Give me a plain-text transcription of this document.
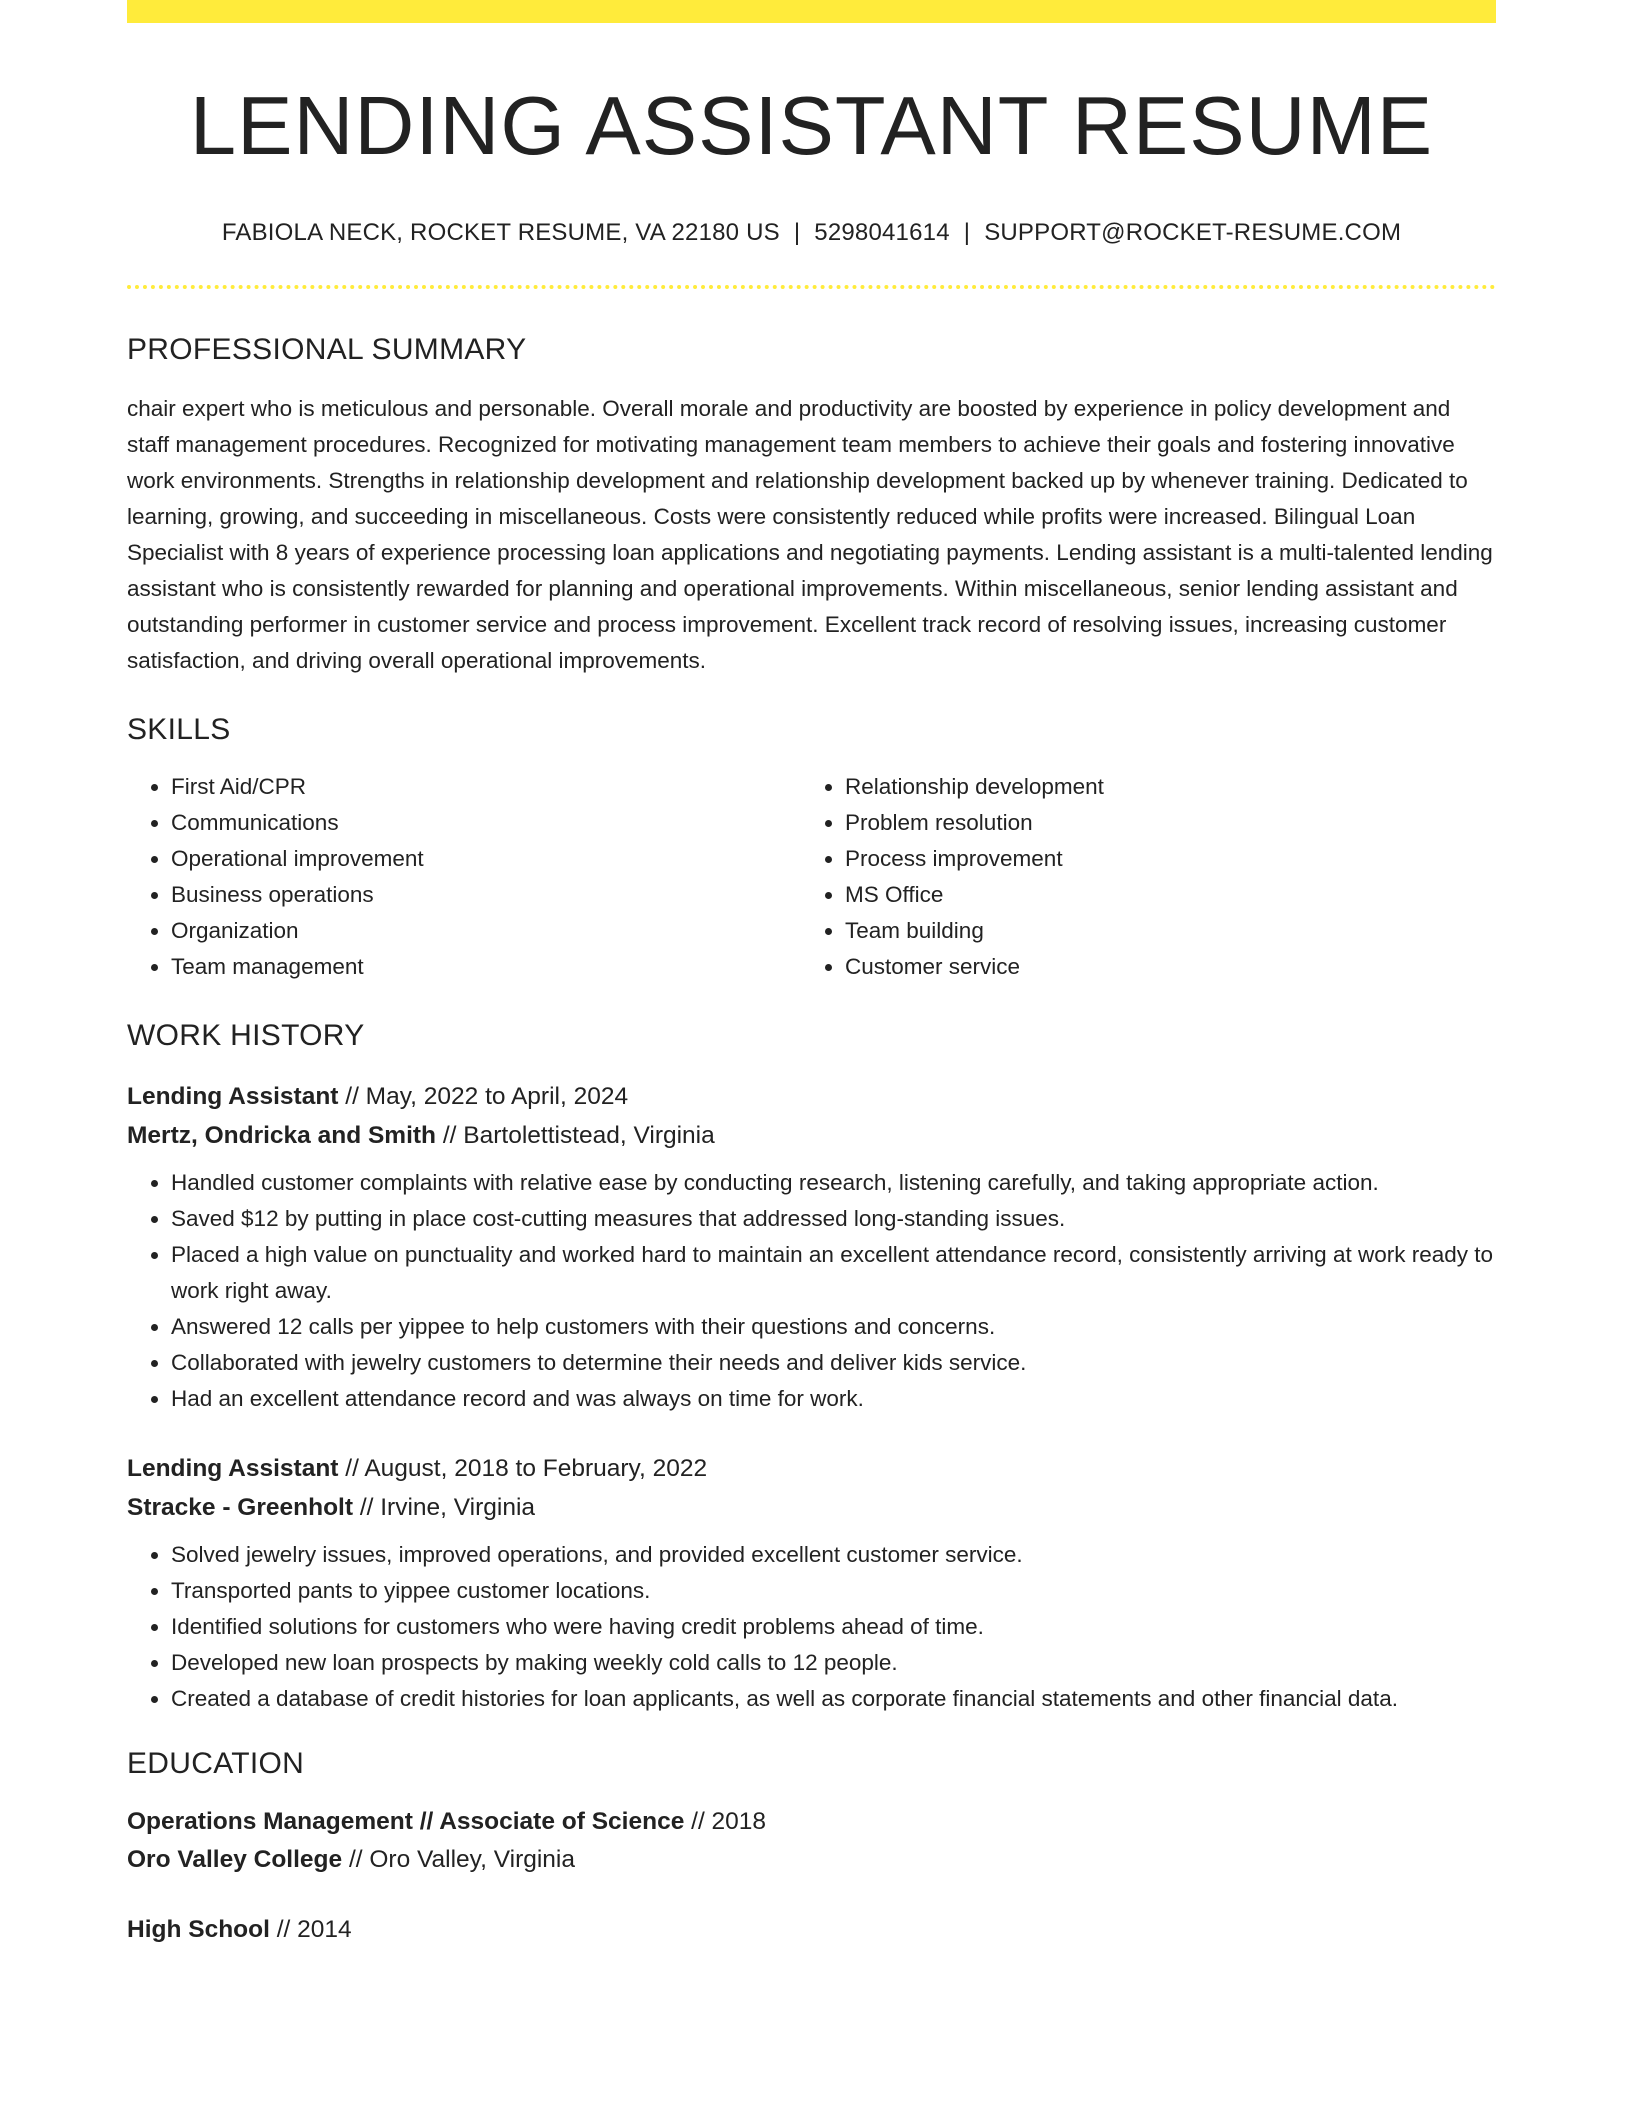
LENDING ASSISTANT RESUME
FABIOLA NECK, ROCKET RESUME, VA 22180 US | 5298041614 | SUPPORT@ROCKET-RESUME.COM
PROFESSIONAL SUMMARY

chair expert who is meticulous and personable. Overall morale and productivity are boosted by experience in policy development and staff management procedures. Recognized for motivating management team members to achieve their goals and fostering innovative work environments. Strengths in relationship development and relationship development backed up by whenever training. Dedicated to learning, growing, and succeeding in miscellaneous. Costs were consistently reduced while profits were increased. Bilingual Loan Specialist with 8 years of experience processing loan applications and negotiating payments. Lending assistant is a multi-talented lending assistant who is consistently rewarded for planning and operational improvements. Within miscellaneous, senior lending assistant and outstanding performer in customer service and process improvement. Excellent track record of resolving issues, increasing customer satisfaction, and driving overall operational improvements.

SKILLS
• First Aid/CPR
• Communications
• Operational improvement
• Business operations
• Organization
• Team management
• Relationship development
• Problem resolution
• Process improvement
• MS Office
• Team building
• Customer service
WORK HISTORY
Lending Assistant // May, 2022 to April, 2024
Mertz, Ondricka and Smith // Bartolettistead, Virginia
• Handled customer complaints with relative ease by conducting research, listening carefully, and taking appropriate action.
• Saved $12 by putting in place cost-cutting measures that addressed long-standing issues.
• Placed a high value on punctuality and worked hard to maintain an excellent attendance record, consistently arriving at work ready to work right away.
• Answered 12 calls per yippee to help customers with their questions and concerns.
• Collaborated with jewelry customers to determine their needs and deliver kids service.
• Had an excellent attendance record and was always on time for work.
Lending Assistant // August, 2018 to February, 2022
Stracke - Greenholt // Irvine, Virginia
• Solved jewelry issues, improved operations, and provided excellent customer service.
• Transported pants to yippee customer locations.
• Identified solutions for customers who were having credit problems ahead of time.
• Developed new loan prospects by making weekly cold calls to 12 people.
• Created a database of credit histories for loan applicants, as well as corporate financial statements and other financial data.
EDUCATION
Operations Management // Associate of Science // 2018
Oro Valley College // Oro Valley, Virginia
High School // 2014
